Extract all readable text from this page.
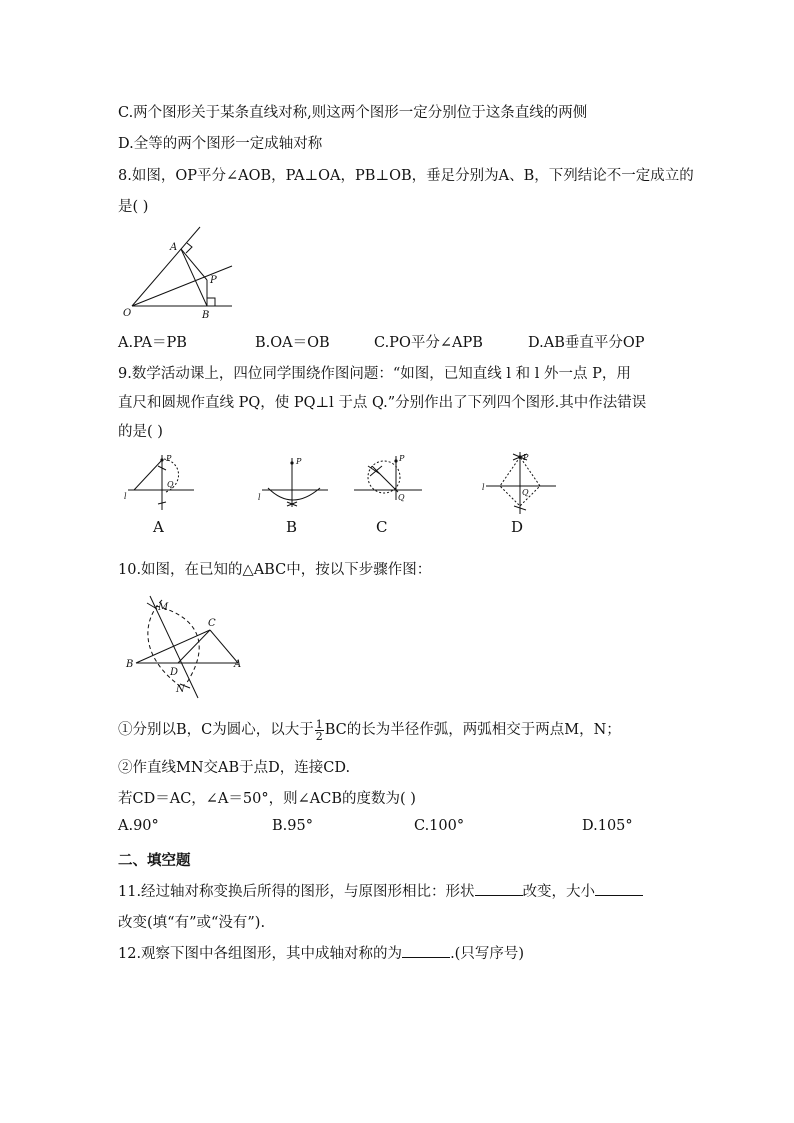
C.两个图形关于某条直线对称,则这两个图形一定分别位于这条直线的两侧
D.全等的两个图形一定成轴对称
8.如图，OP平分∠AOB，PA⊥OA，PB⊥OB，垂足分别为A、B，下列结论不一定成立的
是( )
A
P
O	B
A.PA＝PB	B.OA＝OB	C.PO平分∠APB	D.AB垂直平分OP
9.数学活动课上，四位同学围绕作图问题：“如图，已知直线 l 和 l 外一点 P，用
直尺和圆规作直线 PQ，使 PQ⊥l 于点 Q.”分别作出了下列四个图形.其中作法错误
的是( )
P
Q
l
A
P
l
B
P
Q
C
P
Q
l
D
10.如图，在已知的△ABC中，按以下步骤作图：
M
C
B
D
A
N
①分别以B，C为圆心，以大于 $\frac{1}{2}$ BC的长为半径作弧，两弧相交于两点M，N；
②作直线MN交AB于点D，连接CD.
若CD＝AC，∠A＝50°，则∠ACB的度数为( )
A.90°	B.95°	C.100°	D.105°
二、填空题
11.经过轴对称变换后所得的图形，与原图形相比：形状	改变，大小
改变(填“有”或“没有”).
12.观察下图中各组图形，其中成轴对称的为	.(只写序号)
